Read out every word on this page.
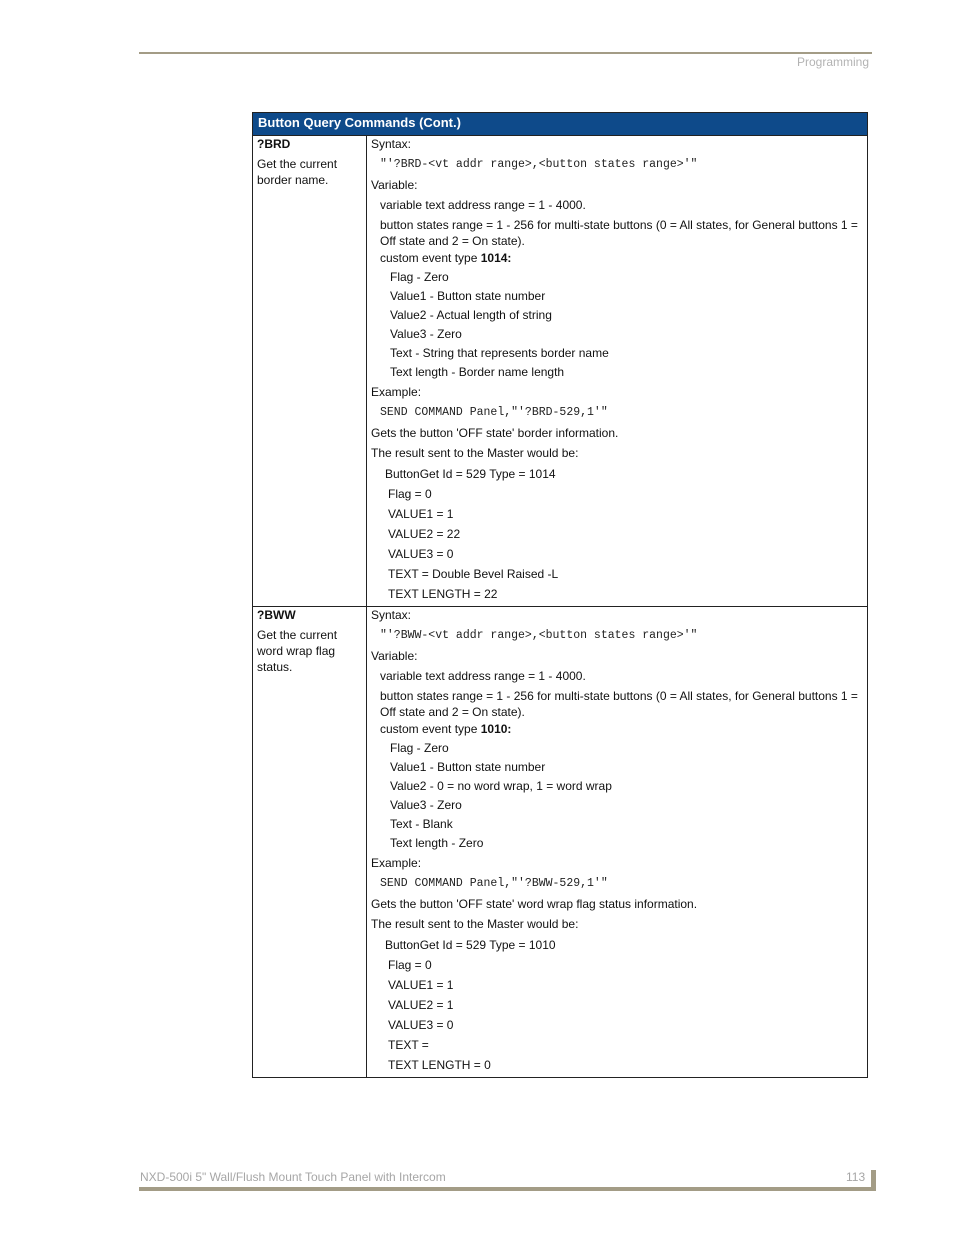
Programming
Button Query Commands (Cont.)
?BRD
Get the current border name.
Syntax:
"'?BRD-<vt addr range>,<button states range>'"
Variable:
variable text address range = 1 - 4000.
button states range = 1 - 256 for multi-state buttons (0 = All states, for General buttons 1 = Off state and 2 = On state).
custom event type 1014:
Flag - Zero
Value1 - Button state number
Value2 - Actual length of string
Value3 - Zero
Text - String that represents border name
Text length - Border name length
Example:
SEND COMMAND Panel,"'?BRD-529,1'"
Gets the button 'OFF state' border information.
The result sent to the Master would be:
ButtonGet Id = 529 Type = 1014
Flag = 0
VALUE1 = 1
VALUE2 = 22
VALUE3 = 0
TEXT = Double Bevel Raised -L
TEXT LENGTH = 22
?BWW
Get the current word wrap flag status.
Syntax:
"'?BWW-<vt addr range>,<button states range>'"
Variable:
variable text address range = 1 - 4000.
button states range = 1 - 256 for multi-state buttons (0 = All states, for General buttons 1 = Off state and 2 = On state).
custom event type 1010:
Flag - Zero
Value1 - Button state number
Value2 - 0 = no word wrap, 1 = word wrap
Value3 - Zero
Text - Blank
Text length - Zero
Example:
SEND COMMAND Panel,"'?BWW-529,1'"
Gets the button 'OFF state' word wrap flag status information.
The result sent to the Master would be:
ButtonGet Id = 529 Type = 1010
Flag = 0
VALUE1 = 1
VALUE2 = 1
VALUE3 = 0
TEXT =
TEXT LENGTH = 0
NXD-500i 5" Wall/Flush Mount Touch Panel with Intercom	113
